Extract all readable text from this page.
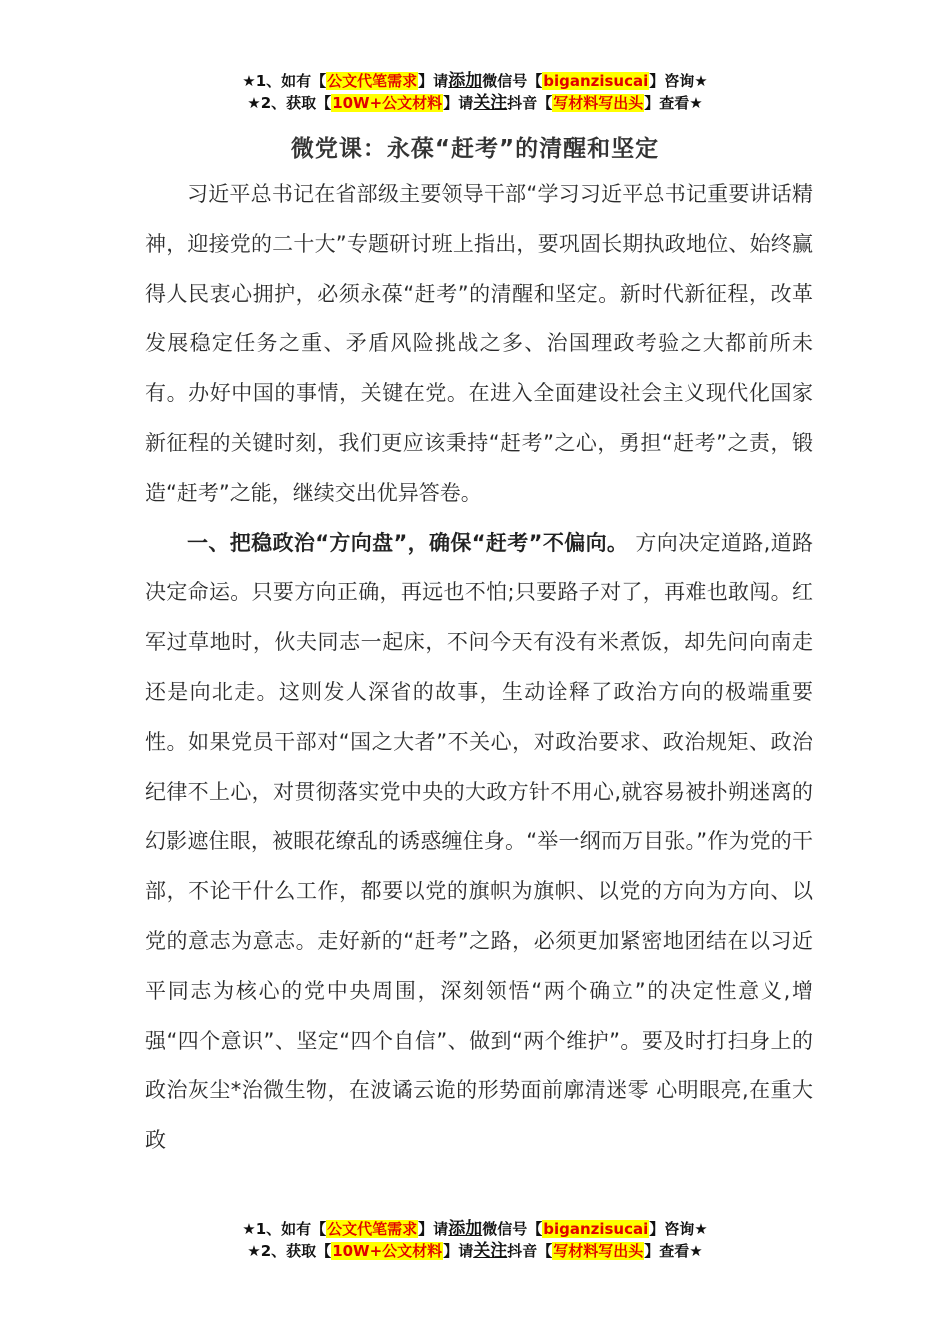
★1、如有【公文代笔需求】请添加微信号【biganzisucai】咨询★
★2、获取【10W+公文材料】请关注抖音【写材料写出头】查看★
微党课：永葆“赶考”的清醒和坚定

习近平总书记在省部级主要领导干部“学习习近平总书记重要讲话精神，迎接党的二十大”专题研讨班上指出，要巩固长期执政地位、始终赢得人民衷心拥护，必须永葆“赶考”的清醒和坚定。新时代新征程，改革发展稳定任务之重、矛盾风险挑战之多、治国理政考验之大都前所未有。办好中国的事情，关键在党。在进入全面建设社会主义现代化国家新征程的关键时刻，我们更应该秉持“赶考”之心，勇担“赶考”之责，锻造“赶考”之能，继续交出优异答卷。

一、把稳政治“方向盘”，确保“赶考”不偏向。 方向决定道路,道路决定命运。只要方向正确，再远也不怕;只要路子对了，再难也敢闯。红军过草地时，伙夫同志一起床，不问今天有没有米煮饭，却先问向南走还是向北走。这则发人深省的故事，生动诠释了政治方向的极端重要性。如果党员干部对“国之大者”不关心，对政治要求、政治规矩、政治纪律不上心，对贯彻落实党中央的大政方针不用心,就容易被扑朔迷离的幻影遮住眼，被眼花缭乱的诱惑缠住身。“举一纲而万目张。”作为党的干部，不论干什么工作，都要以党的旗帜为旗帜、以党的方向为方向、以党的意志为意志。走好新的“赶考”之路，必须更加紧密地团结在以习近平同志为核心的党中央周围，深刻领悟“两个确立”的决定性意义,增强“四个意识”、坚定“四个自信”、做到“两个维护”。要及时打扫身上的政治灰尘*治微生物，在波谲云诡的形势面前廓清迷零 心明眼亮,在重大政

★1、如有【公文代笔需求】请添加微信号【biganzisucai】咨询★
★2、获取【10W+公文材料】请关注抖音【写材料写出头】查看★
